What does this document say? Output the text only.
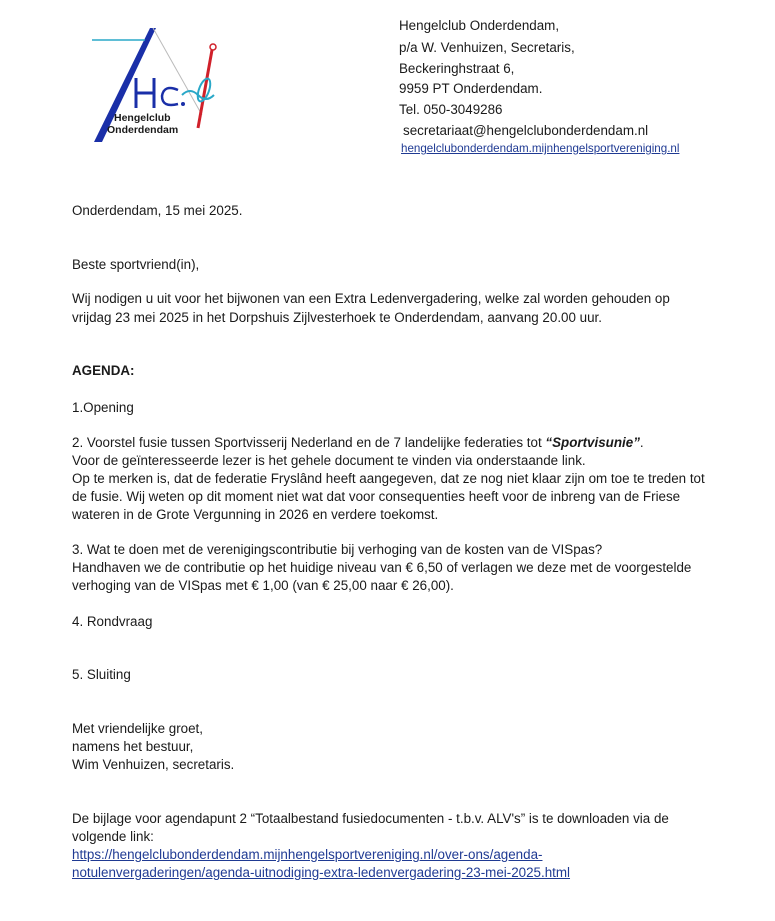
Hengelclub
Onderdendam
Hengelclub Onderdendam,
p/a W. Venhuizen, Secretaris,
Beckeringhstraat 6,
9959 PT Onderdendam.
Tel. 050-3049286
secretariaat@hengelclubonderdendam.nl
hengelclubonderdendam.mijnhengelsportvereniging.nl
Onderdendam, 15 mei 2025.
Beste sportvriend(in),
Wij nodigen u uit voor het bijwonen van een Extra Ledenvergadering, welke zal worden gehouden op
vrijdag 23 mei 2025 in het Dorpshuis Zijlvesterhoek te Onderdendam, aanvang 20.00 uur.
AGENDA:
1.Opening
2. Voorstel fusie tussen Sportvisserij Nederland en de 7 landelijke federaties tot “Sportvisunie”.
Voor de geïnteresseerde lezer is het gehele document te vinden via onderstaande link.
Op te merken is, dat de federatie Fryslând heeft aangegeven, dat ze nog niet klaar zijn om toe te treden tot
de fusie. Wij weten op dit moment niet wat dat voor consequenties heeft voor de inbreng van de Friese
wateren in de Grote Vergunning in 2026 en verdere toekomst.
3. Wat te doen met de verenigingscontributie bij verhoging van de kosten van de VISpas?
Handhaven we de contributie op het huidige niveau van € 6,50 of verlagen we deze met de voorgestelde
verhoging van de VISpas met € 1,00 (van € 25,00 naar € 26,00).
4. Rondvraag
5. Sluiting
Met vriendelijke groet,
namens het bestuur,
Wim Venhuizen, secretaris.
De bijlage voor agendapunt 2 “Totaalbestand fusiedocumenten - t.b.v. ALV's” is te downloaden via de
volgende link:
https://hengelclubonderdendam.mijnhengelsportvereniging.nl/over-ons/agenda-
notulenvergaderingen/agenda-uitnodiging-extra-ledenvergadering-23-mei-2025.html
